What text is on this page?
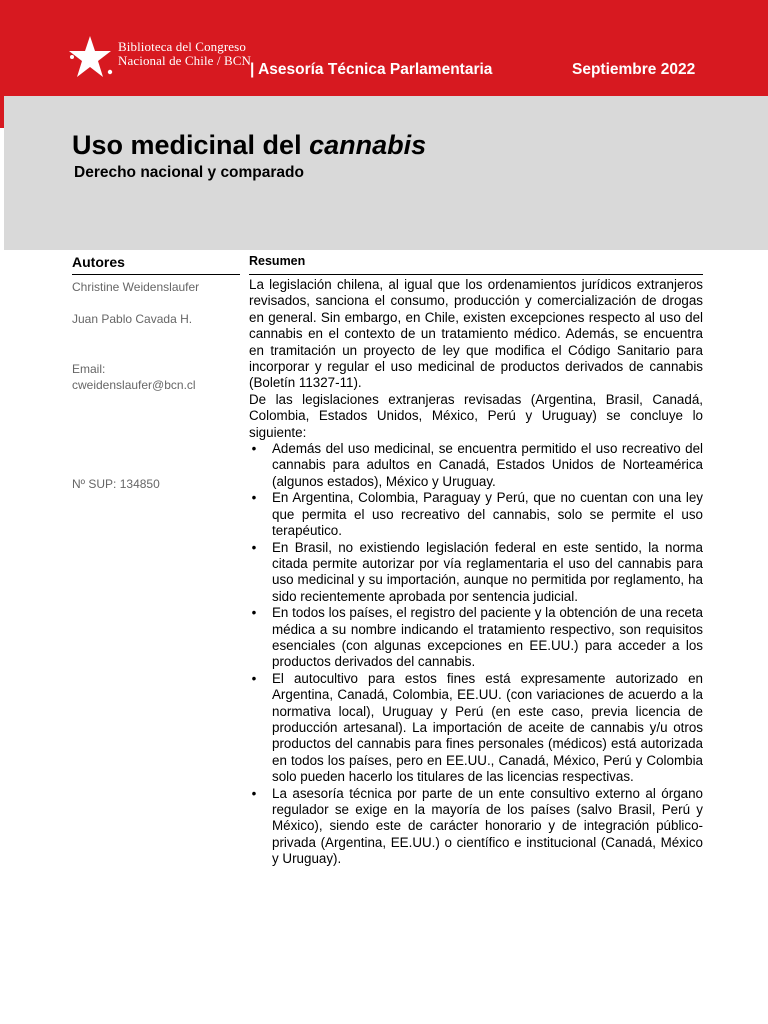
Biblioteca del Congreso
Nacional de Chile / BCN
| Asesoría Técnica Parlamentaria	Septiembre 2022
Uso medicinal del cannabis
Derecho nacional y comparado
Autores
Christine Weidenslaufer
Juan Pablo Cavada H.
Email:
cweidenslaufer@bcn.cl
Nº SUP: 134850
Resumen

La legislación chilena, al igual que los ordenamientos jurídicos extranjeros revisados, sanciona el consumo, producción y comercialización de drogas en general. Sin embargo, en Chile, existen excepciones respecto al uso del cannabis en el contexto de un tratamiento médico. Además, se encuentra en tramitación un proyecto de ley que modifica el Código Sanitario para incorporar y regular el uso medicinal de productos derivados de cannabis (Boletín 11327-11).

De las legislaciones extranjeras revisadas (Argentina, Brasil, Canadá, Colombia, Estados Unidos, México, Perú y Uruguay) se concluye lo siguiente:

• Además del uso medicinal, se encuentra permitido el uso recreativo del cannabis para adultos en Canadá, Estados Unidos de Norteamérica (algunos estados), México y Uruguay.
• En Argentina, Colombia, Paraguay y Perú, que no cuentan con una ley que permita el uso recreativo del cannabis, solo se permite el uso terapéutico.
• En Brasil, no existiendo legislación federal en este sentido, la norma citada permite autorizar por vía reglamentaria el uso del cannabis para uso medicinal y su importación, aunque no permitida por reglamento, ha sido recientemente aprobada por sentencia judicial.
• En todos los países, el registro del paciente y la obtención de una receta médica a su nombre indicando el tratamiento respectivo, son requisitos esenciales (con algunas excepciones en EE.UU.) para acceder a los productos derivados del cannabis.
• El autocultivo para estos fines está expresamente autorizado en Argentina, Canadá, Colombia, EE.UU. (con variaciones de acuerdo a la normativa local), Uruguay y Perú (en este caso, previa licencia de producción artesanal). La importación de aceite de cannabis y/u otros productos del cannabis para fines personales (médicos) está autorizada en todos los países, pero en EE.UU., Canadá, México, Perú y Colombia solo pueden hacerlo los titulares de las licencias respectivas.
• La asesoría técnica por parte de un ente consultivo externo al órgano regulador se exige en la mayoría de los países (salvo Brasil, Perú y México), siendo este de carácter honorario y de integración público-privada (Argentina, EE.UU.) o científico e institucional (Canadá, México y Uruguay).
